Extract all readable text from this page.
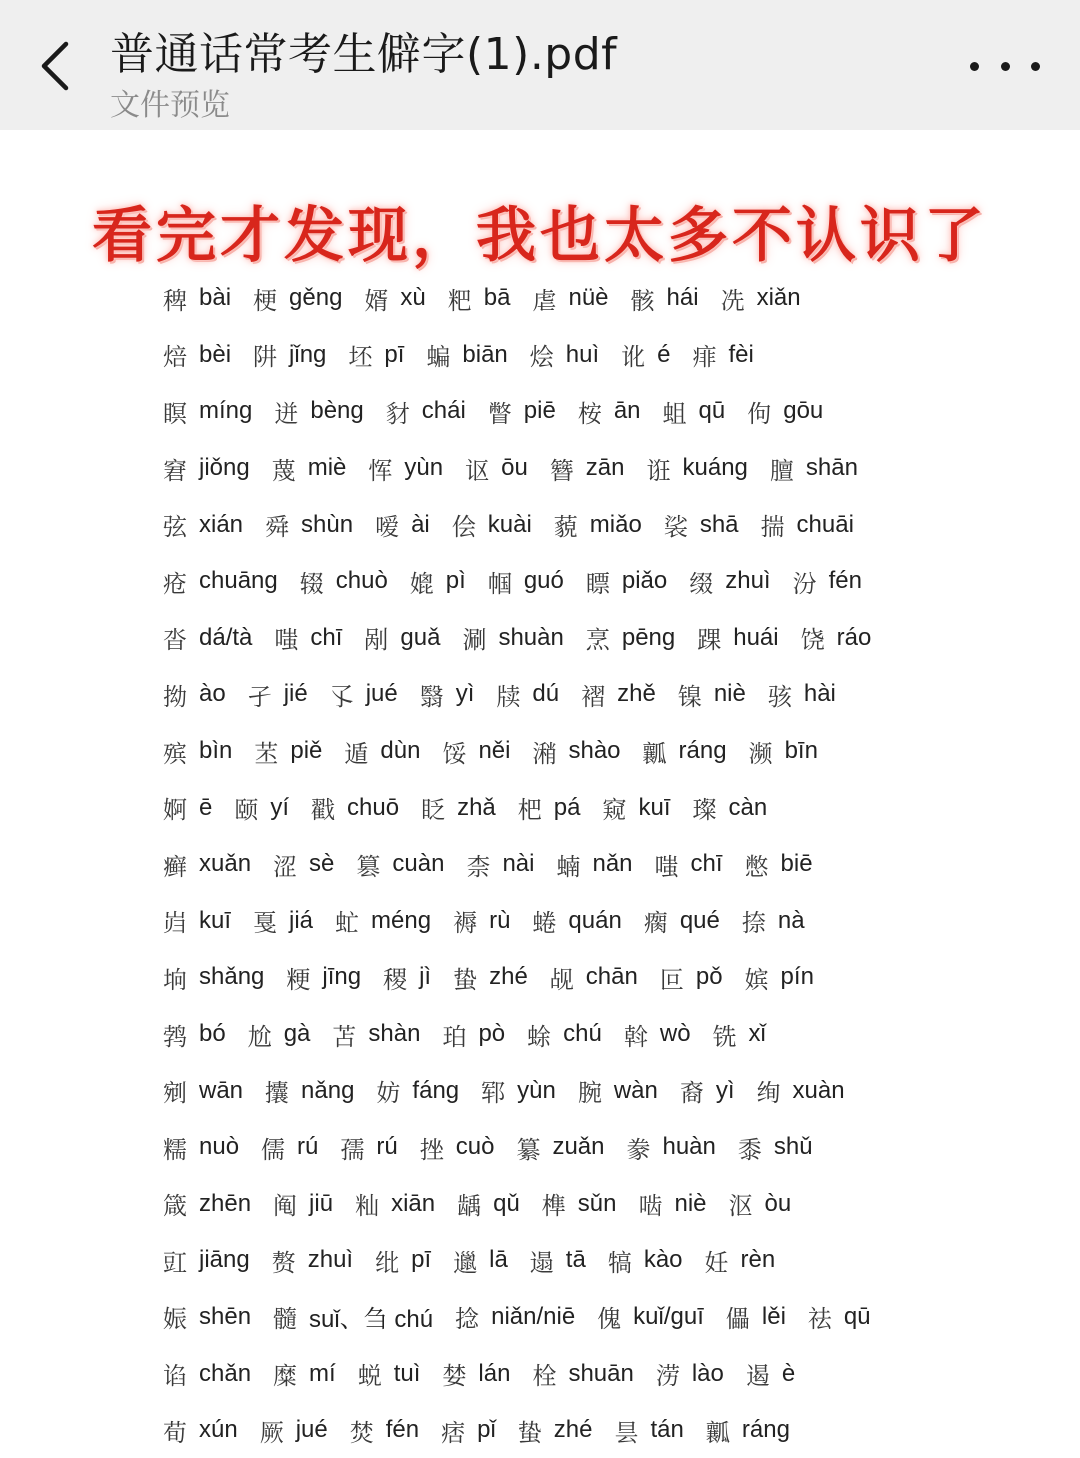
普通话常考生僻字(1).pdf
文件预览
看完才发现，我也太多不认识了
稗 bài 梗 gěng 婿 xù 粑 bā 虐 nüè 骸 hái 冼 xiǎn
焙 bèi 阱 jǐng 坯 pī 蝙 biān 烩 huì 讹 é 痱 fèi
瞑 míng 迸 bèng 豺 chái 瞥 piē 桉 ān 蛆 qū 佝 gōu
窘 jiǒng 蔑 miè 恽 yùn 讴 ōu 簪 zān 诳 kuáng 膻 shān
弦 xián 舜 shùn 嗳 ài 侩 kuài 藐 miǎo 裟 shā 揣 chuāi
疮 chuāng 辍 chuò 媲 pì 帼 guó 瞟 piǎo 缀 zhuì 汾 fén
沓 dá/tà 嗤 chī 剐 guǎ 涮 shuàn 烹 pēng 踝 huái 饶 ráo
拗 ào 孑 jié 孓 jué 翳 yì 牍 dú 褶 zhě 镍 niè 骇 hài
殡 bìn 苤 piě 遁 dùn 馁 něi 潲 shào 瓤 ráng 濒 bīn
婀 ē 颐 yí 戳 chuō 眨 zhǎ 杷 pá 窥 kuī 璨 càn
癣 xuǎn 涩 sè 篡 cuàn 柰 nài 蝻 nǎn 嗤 chī 憋 biē
岿 kuī 戛 jiá 虻 méng 褥 rù 蜷 quán 瘸 qué 捺 nà
垧 shǎng 粳 jīng 稷 jì 蛰 zhé 觇 chān 叵 pǒ 嫔 pín
鹁 bó 尬 gà 苫 shàn 珀 pò 蜍 chú 斡 wò 铣 xǐ
剜 wān 攮 nǎng 妨 fáng 郓 yùn 腕 wàn 裔 yì 绚 xuàn
糯 nuò 儒 rú 孺 rú 挫 cuò 纂 zuǎn 豢 huàn 黍 shǔ
箴 zhēn 阄 jiū 籼 xiān 龋 qǔ 榫 sǔn 啮 niè 沤 òu
豇 jiāng 赘 zhuì 纰 pī 邋 lā 遢 tā 犒 kào 妊 rèn
娠 shēn 髓 suǐ、刍 chú 捻 niǎn/niē 傀 kuǐ/guī 儡 lěi 祛 qū
谄 chǎn 糜 mí 蜕 tuì 婪 lán 栓 shuān 涝 lào 遏 è
荀 xún 厥 jué 焚 fén 痞 pǐ 蛰 zhé 昙 tán 瓤 ráng
